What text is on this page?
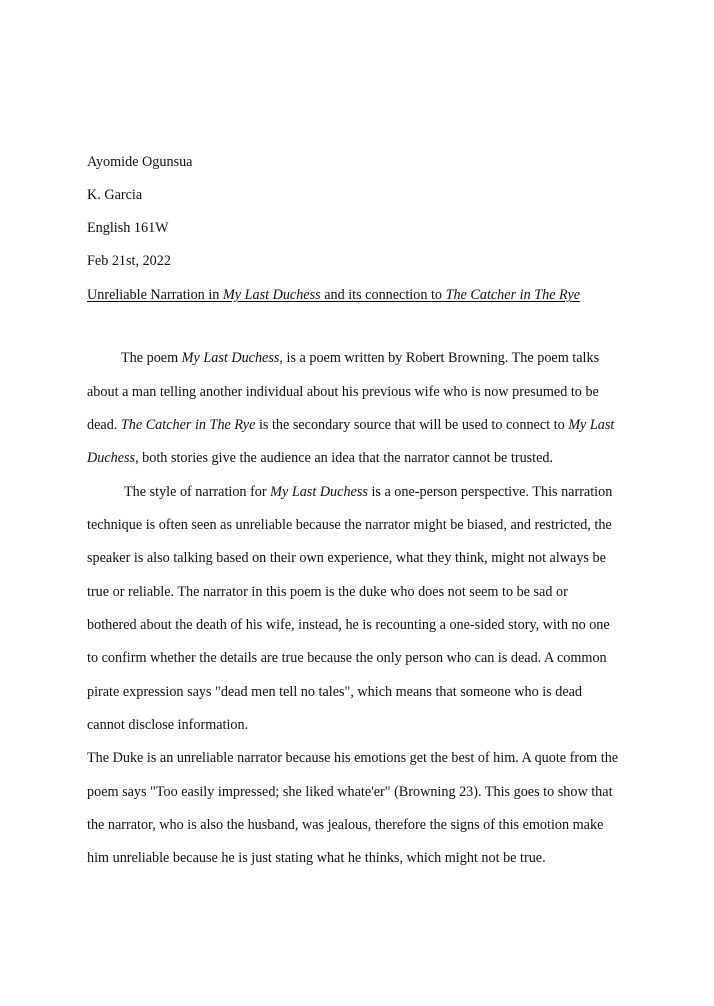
Ayomide Ogunsua
K. Garcia
English 161W
Feb 21st, 2022
Unreliable Narration in My Last Duchess and its connection to The Catcher in The Rye
The poem My Last Duchess, is a poem written by Robert Browning. The poem talks
about a man telling another individual about his previous wife who is now presumed to be
dead. The Catcher in The Rye is the secondary source that will be used to connect to My Last
Duchess, both stories give the audience an idea that the narrator cannot be trusted.
The style of narration for My Last Duchess is a one-person perspective. This narration
technique is often seen as unreliable because the narrator might be biased, and restricted, the
speaker is also talking based on their own experience, what they think, might not always be
true or reliable. The narrator in this poem is the duke who does not seem to be sad or
bothered about the death of his wife, instead, he is recounting a one-sided story, with no one
to confirm whether the details are true because the only person who can is dead. A common
pirate expression says "dead men tell no tales", which means that someone who is dead
cannot disclose information.
The Duke is an unreliable narrator because his emotions get the best of him. A quote from the
poem says "Too easily impressed; she liked whate'er" (Browning 23). This goes to show that
the narrator, who is also the husband, was jealous, therefore the signs of this emotion make
him unreliable because he is just stating what he thinks, which might not be true.
